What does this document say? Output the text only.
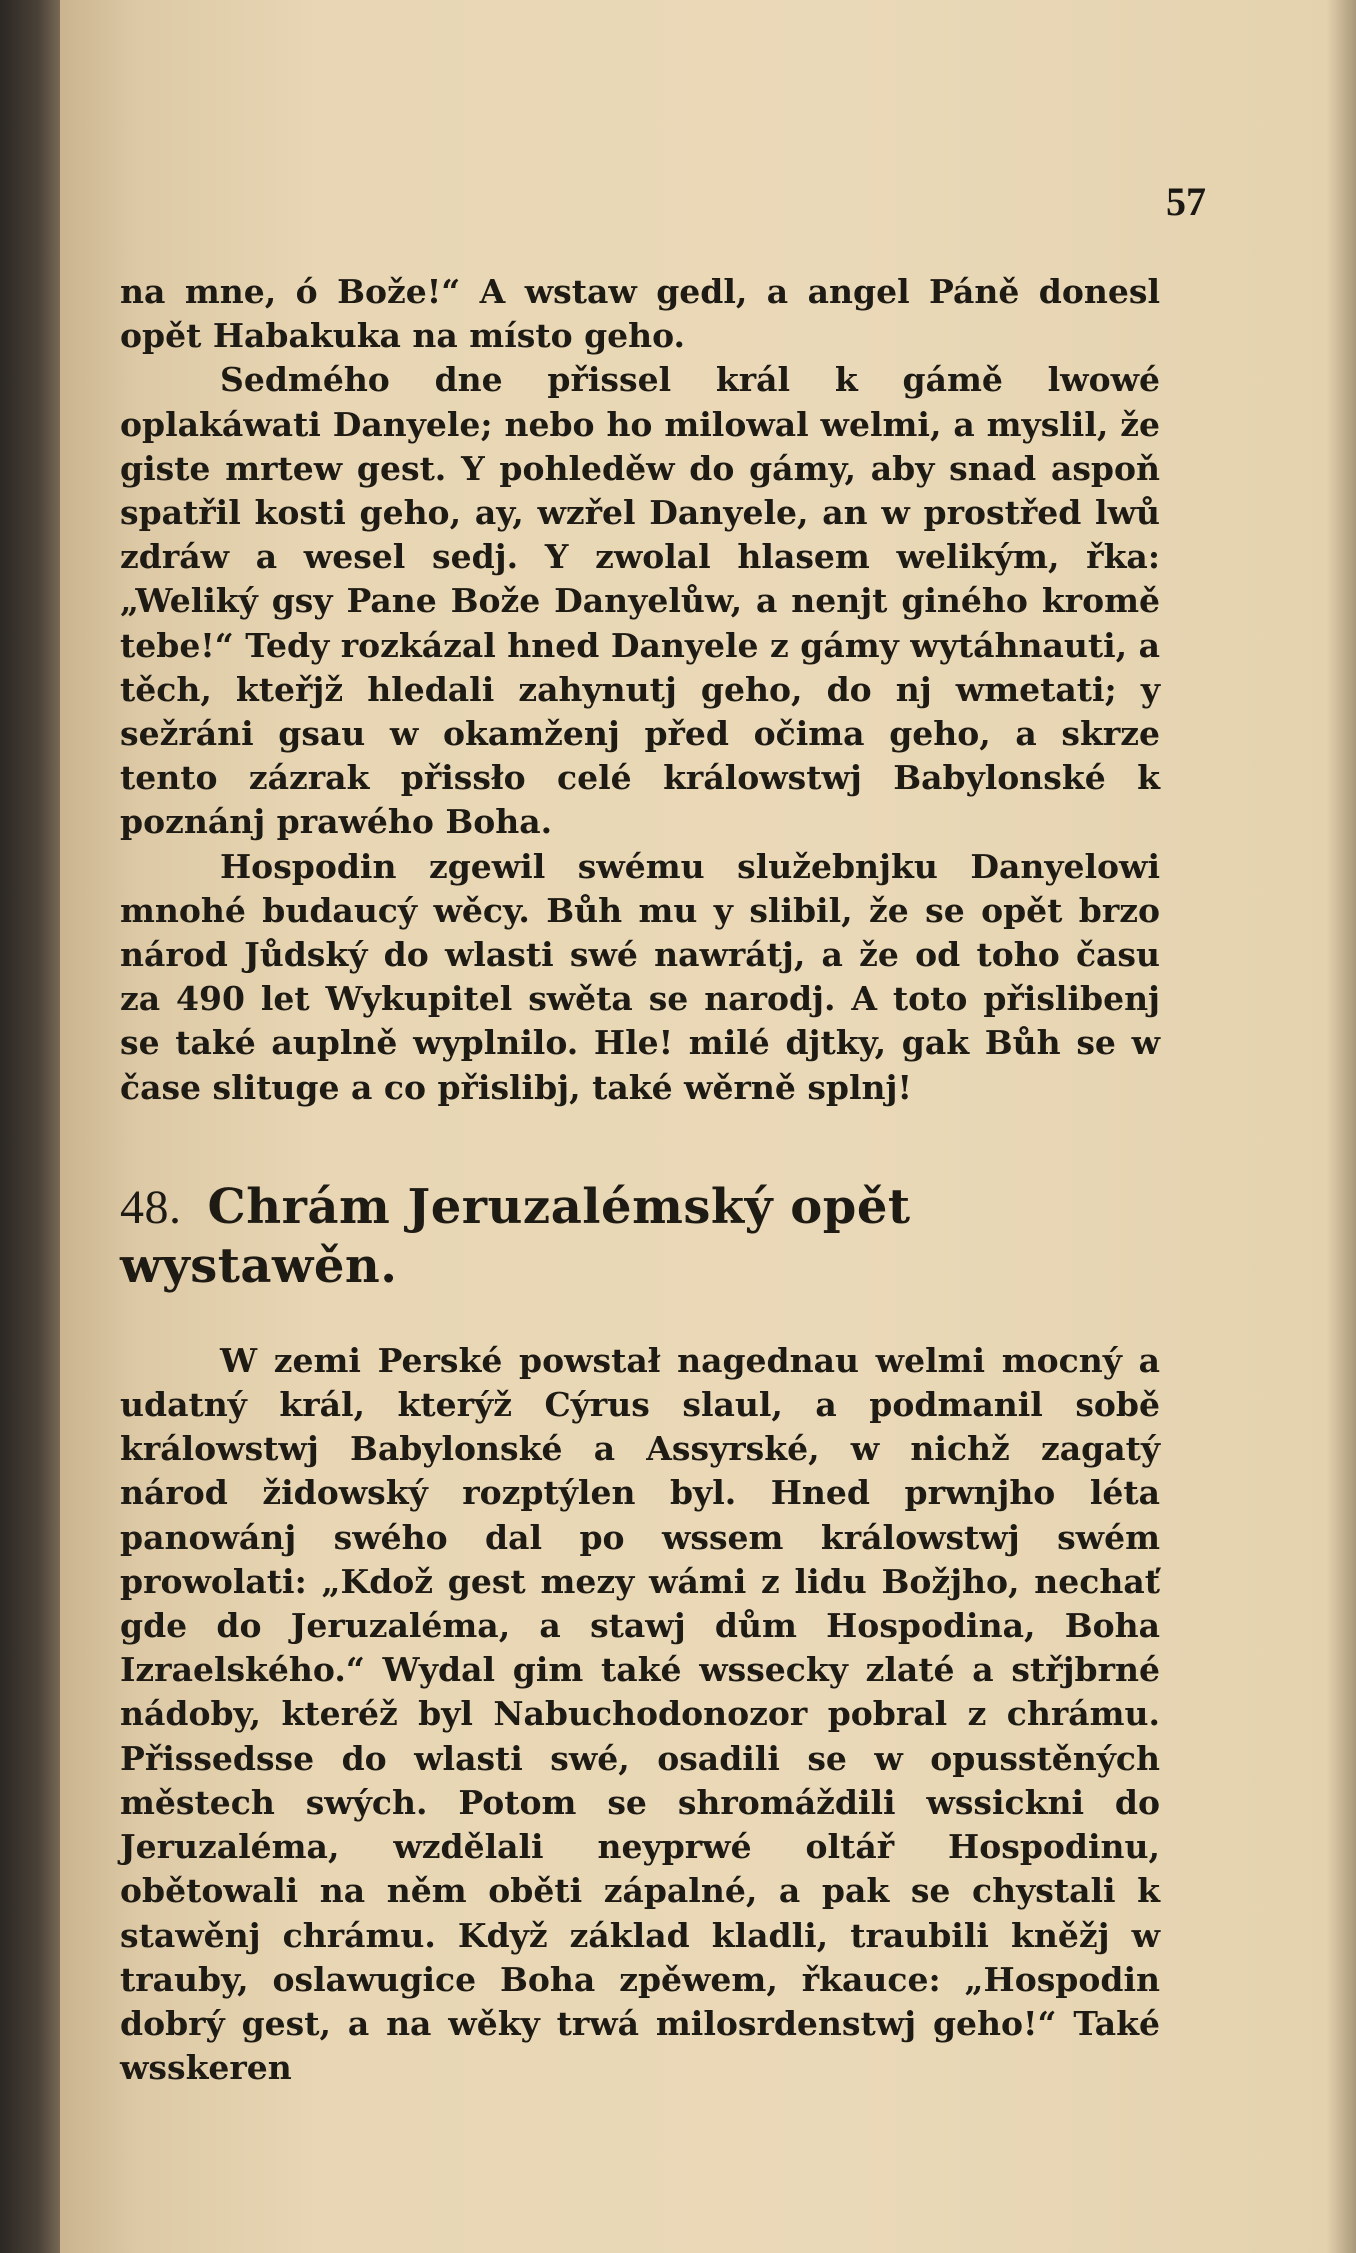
57

na mne, ó Bože!“ A wstaw gedl, a angel Páně donesl opět Habakuka na místo geho.

Sedmého dne přissel král k gámě lwowé oplakáwati Danyele; nebo ho milowal welmi, a myslil, že giste mrtew gest. Y pohleděw do gámy, aby snad aspoň spatřil kosti geho, ay, wzřel Danyele, an w prostřed lwů zdráw a wesel sedj. Y zwolal hlasem welikým, řka: „Weliký gsy Pane Bože Danyelůw, a nenjt giného kromě tebe!“ Tedy rozkázal hned Danyele z gámy wytáhnauti, a těch, kteřjž hledali zahynutj geho, do nj wmetati; y sežráni gsau w okamženj před očima geho, a skrze tento zázrak přissło celé králowstwj Babylonské k poznánj prawého Boha.

Hospodin zgewil swému služebnjku Danyelowi mnohé budaucý wěcy. Bůh mu y slibil, že se opět brzo národ Jůdský do wlasti swé nawrátj, a že od toho času za 490 let Wykupitel swěta se narodj. A toto přislibenj se také auplně wyplnilo. Hle! milé djtky, gak Bůh se w čase slituge a co přislibj, také wěrně splnj!

48. Chrám Jeruzalémský opět wystawěn.

W zemi Perské powstał nagednau welmi mocný a udatný král, kterýž Cýrus slaul, a podmanil sobě králowstwj Babylonské a Assyrské, w nichž zagatý národ židowský rozptýlen byl. Hned prwnjho léta panowánj swého dal po wssem králowstwj swém prowolati: „Kdož gest mezy wámi z lidu Božjho, nechať gde do Jeruzaléma, a stawj dům Hospodina, Boha Izraelského.“ Wydal gim také wssecky zlaté a střjbrné nádoby, kteréž byl Nabuchodonozor pobral z chrámu. Přissedsse do wlasti swé, osadili se w opusstěných městech swých. Potom se shromáždili wssickni do Jeruzaléma, wzdělali neyprwé oltář Hospodinu, obětowali na něm oběti zápalné, a pak se chystali k stawěnj chrámu. Když základ kladli, traubili kněžj w trauby, oslawugice Boha zpěwem, řkauce: „Hospodin dobrý gest, a na wěky trwá milosrdenstwj geho!“ Také wsskeren
